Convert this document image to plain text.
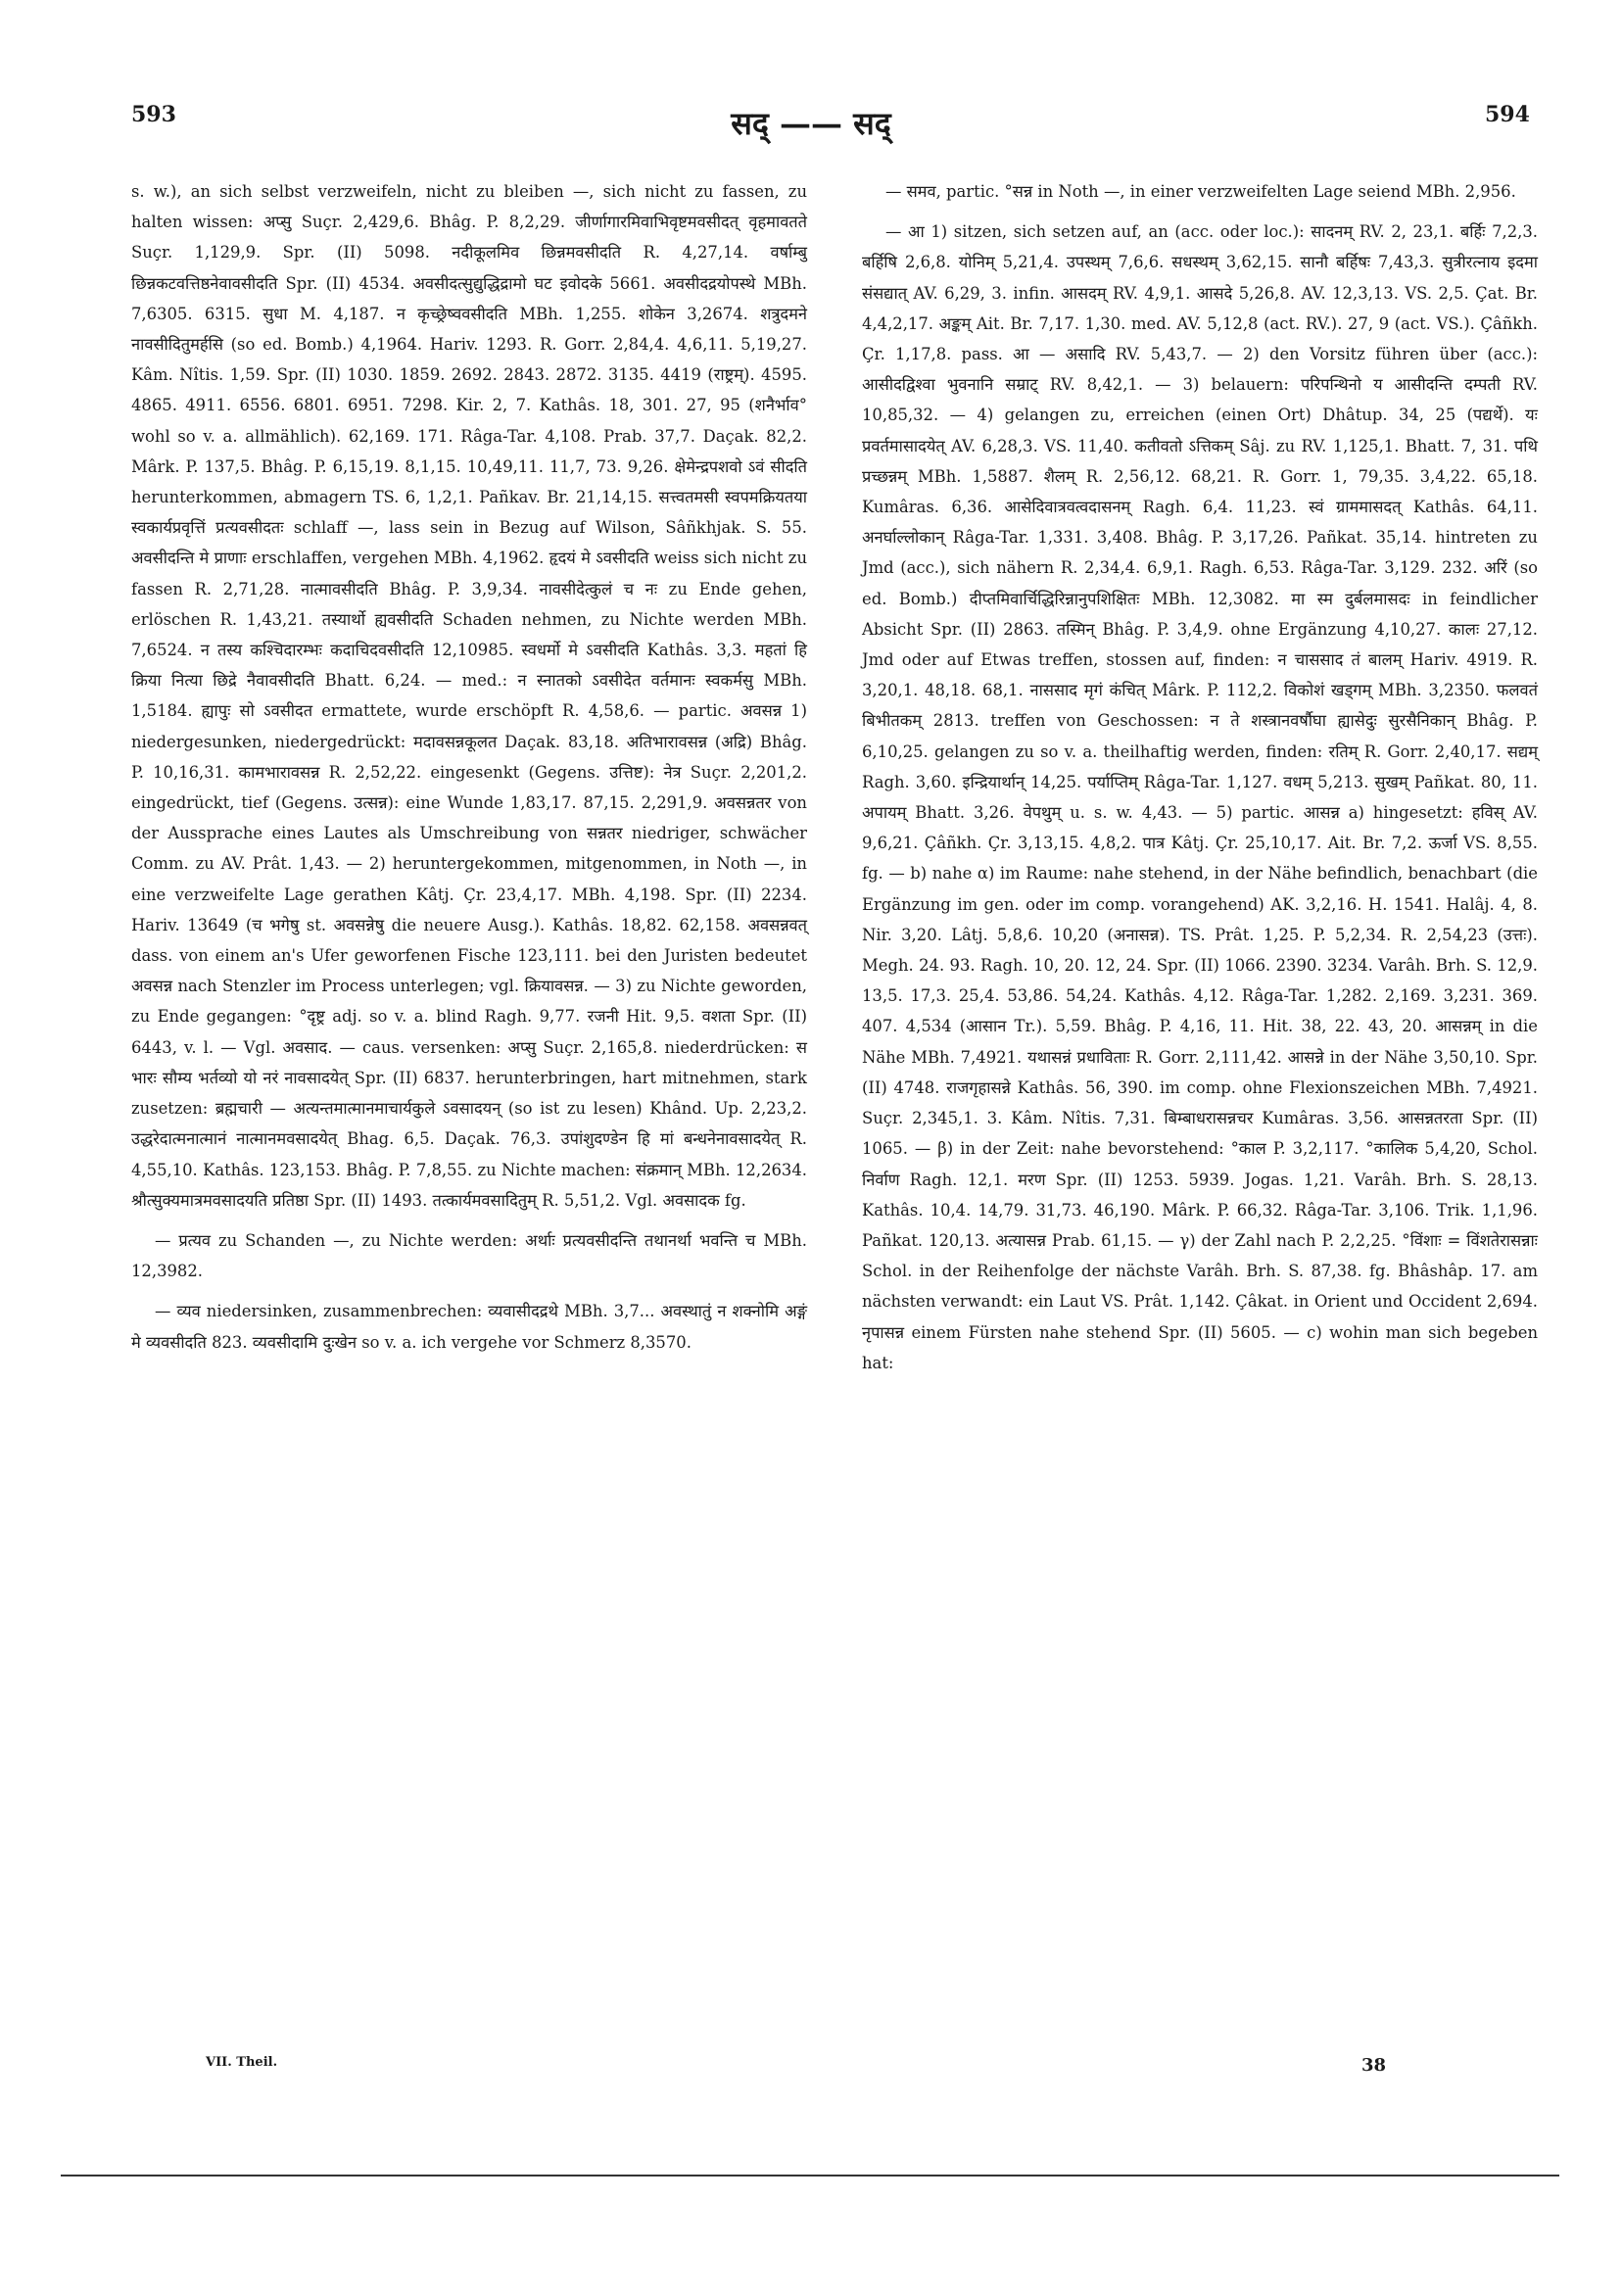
593	सद् —— सद्	594

s. w.), an sich selbst verzweifeln, nicht zu bleiben —, sich nicht zu fassen, zu halten wissen: अप्सु Suçr. 2,429,6. Bhâg. P. 8,2,29. जीर्णागारमिवाभिवृष्टमवसीदत् वृहमावतते Suçr. 1,129,9. Spr. (II) 5098. नदीकूलमिव छिन्नमवसीदति R. 4,27,14. वर्षाम्बु छिन्नकटवत्तिष्ठनेवावसीदति Spr. (II) 4534. अवसीदत्सुद्युद्धिद्रामो घट इवोदके 5661. अवसीदद्रयोपस्थे MBh. 7,6305. 6315. सुधा M. 4,187. न कृच्छ्रेष्ववसीदति MBh. 1,255. शोकेन 3,2674. शत्रुदमने नावसीदितुमर्हसि (so ed. Bomb.) 4,1964. Hariv. 1293. R. Gorr. 2,84,4. 4,6,11. 5,19,27. Kâm. Nîtis. 1,59. Spr. (II) 1030. 1859. 2692. 2843. 2872. 3135. 4419 (राष्ट्रम्). 4595. 4865. 4911. 6556. 6801. 6951. 7298. Kir. 2, 7. Kathâs. 18, 301. 27, 95 (शनैर्भाव° wohl so v. a. allmählich). 62,169. 171. Râga-Tar. 4,108. Prab. 37,7. Daçak. 82,2. Mârk. P. 137,5. Bhâg. P. 6,15,19. 8,1,15. 10,49,11. 11,7, 73. 9,26. क्षेमेन्द्रपशवो ऽवं सीदति herunterkommen, abmagern TS. 6, 1,2,1. Pañkav. Br. 21,14,15. सत्त्वतमसी स्वपमक्रियतया स्वकार्यप्रवृत्तिं प्रत्यवसीदतः schlaff —, lass sein in Bezug auf Wilson, Sâñkhjak. S. 55. अवसीदन्ति मे प्राणाः erschlaffen, vergehen MBh. 4,1962. हृदयं मे ऽवसीदति weiss sich nicht zu fassen R. 2,71,28. नात्मावसीदति Bhâg. P. 3,9,34. नावसीदेत्कुलं च नः zu Ende gehen, erlöschen R. 1,43,21. तस्यार्थो ह्यवसीदति Schaden nehmen, zu Nichte werden MBh. 7,6524. न तस्य कश्चिदारम्भः कदाचिदवसीदति 12,10985. स्वधर्मो मे ऽवसीदति Kathâs. 3,3. महतां हि क्रिया नित्या छिद्रे नैवावसीदति Bhatt. 6,24. — med.: न स्नातको ऽवसीदेत वर्तमानः स्वकर्मसु MBh. 1,5184. ह्यापुः सो ऽवसीदत ermattete, wurde erschöpft R. 4,58,6. — partic. अवसन्न 1) niedergesunken, niedergedrückt: मदावसन्नकूलत Daçak. 83,18. अतिभारावसन्न (अद्रि) Bhâg. P. 10,16,31. कामभारावसन्न R. 2,52,22. eingesenkt (Gegens. उत्तिष्ट): नेत्र Suçr. 2,201,2. eingedrückt, tief (Gegens. उत्सन्न): eine Wunde 1,83,17. 87,15. 2,291,9. अवसन्नतर von der Aussprache eines Lautes als Umschreibung von सन्नतर niedriger, schwächer Comm. zu AV. Prât. 1,43. — 2) heruntergekommen, mitgenommen, in Noth —, in eine verzweifelte Lage gerathen Kâtj. Çr. 23,4,17. MBh. 4,198. Spr. (II) 2234. Hariv. 13649 (च भगेषु st. अवसन्नेषु die neuere Ausg.). Kathâs. 18,82. 62,158. अवसन्नवत् dass. von einem an's Ufer geworfenen Fische 123,111. bei den Juristen bedeutet अवसन्न nach Stenzler im Process unterlegen; vgl. क्रियावसन्न. — 3) zu Nichte geworden, zu Ende gegangen: °दृष्ट्र adj. so v. a. blind Ragh. 9,77. रजनी Hit. 9,5. वशता Spr. (II) 6443, v. l. — Vgl. अवसाद. — caus. versenken: अप्सु Suçr. 2,165,8. niederdrücken: स भारः सौम्य भर्तव्यो यो नरं नावसादयेत् Spr. (II) 6837. herunterbringen, hart mitnehmen, stark zusetzen: ब्रह्मचारी — अत्यन्तमात्मानमाचार्यकुले ऽवसादयन् (so ist zu lesen) Khând. Up. 2,23,2. उद्धरेदात्मनात्मानं नात्मानमवसादयेत् Bhag. 6,5. Daçak. 76,3. उपांशुदण्डेन हि मां बन्धनेनावसादयेत् R. 4,55,10. Kathâs. 123,153. Bhâg. P. 7,8,55. zu Nichte machen: संक्रमान् MBh. 12,2634. श्रौत्सुक्यमात्रमवसादयति प्रतिष्ठा Spr. (II) 1493. तत्कार्यमवसादितुम् R. 5,51,2. Vgl. अवसादक fg.

— प्रत्यव zu Schanden —, zu Nichte werden: अर्थाः प्रत्यवसीदन्ति तथानर्था भवन्ति च MBh. 12,3982.

— व्यव niedersinken, zusammenbrechen: व्यवासीदद्रथे MBh. 3,7... अवस्थातुं न शक्नोमि अङ्गं मे व्यवसीदति 823. व्यवसीदामि दुःखेन so v. a. ich vergehe vor Schmerz 8,3570.

— समव, partic. °सन्न in Noth —, in einer verzweifelten Lage seiend MBh. 2,956.

— आ 1) sitzen, sich setzen auf, an (acc. oder loc.): सादनम् RV. 2, 23,1. बर्हिः 7,2,3. बर्हिषि 2,6,8. योनिम् 5,21,4. उपस्थम् 7,6,6. सधस्थम् 3,62,15. सानौ बर्हिषः 7,43,3. सुत्रीरत्नाय इदमा संसद्यात् AV. 6,29, 3. infin. आसदम् RV. 4,9,1. आसदे 5,26,8. AV. 12,3,13. VS. 2,5. Çat. Br. 4,4,2,17. अङ्कम् Ait. Br. 7,17. 1,30. med. AV. 5,12,8 (act. RV.). 27, 9 (act. VS.). Çâñkh. Çr. 1,17,8. pass. आ — असादि RV. 5,43,7. — 2) den Vorsitz führen über (acc.): आसीदद्विश्वा भुवनानि सम्राट् RV. 8,42,1. — 3) belauern: परिपन्थिनो य आसीदन्ति दम्पती RV. 10,85,32. — 4) gelangen zu, erreichen (einen Ort) Dhâtup. 34, 25 (पद्यर्थे). यः प्रवर्तमासादयेत् AV. 6,28,3. VS. 11,40. कतीवतो ऽत्तिकम् Sâj. zu RV. 1,125,1. Bhatt. 7, 31. पथि प्रच्छन्नम् MBh. 1,5887. शैलम् R. 2,56,12. 68,21. R. Gorr. 1, 79,35. 3,4,22. 65,18. Kumâras. 6,36. आसेदिवात्रवत्वदासनम् Ragh. 6,4. 11,23. स्वं ग्राममासदत् Kathâs. 64,11. अनर्घाल्लोकान् Râga-Tar. 1,331. 3,408. Bhâg. P. 3,17,26. Pañkat. 35,14. hintreten zu Jmd (acc.), sich nähern R. 2,34,4. 6,9,1. Ragh. 6,53. Râga-Tar. 3,129. 232. अरिं (so ed. Bomb.) दीप्तमिवार्चिद्धिरिन्नानुपशिक्षितः MBh. 12,3082. मा स्म दुर्बलमासदः in feindlicher Absicht Spr. (II) 2863. तस्मिन् Bhâg. P. 3,4,9. ohne Ergänzung 4,10,27. कालः 27,12. Jmd oder auf Etwas treffen, stossen auf, finden: न चाससाद तं बालम् Hariv. 4919. R. 3,20,1. 48,18. 68,1. नाससाद मृगं कंचित् Mârk. P. 112,2. विकोशं खड्गम् MBh. 3,2350. फलवतं बिभीतकम् 2813. treffen von Geschossen: न ते शस्त्रानवर्षौघा ह्यासेदुः सुरसैनिकान् Bhâg. P. 6,10,25. gelangen zu so v. a. theilhaftig werden, finden: रतिम् R. Gorr. 2,40,17. सद्यम् Ragh. 3,60. इन्द्रियार्थान् 14,25. पर्याप्तिम् Râga-Tar. 1,127. वधम् 5,213. सुखम् Pañkat. 80, 11. अपायम् Bhatt. 3,26. वेपथुम् u. s. w. 4,43. — 5) partic. आसन्न a) hingesetzt: हविस् AV. 9,6,21. Çâñkh. Çr. 3,13,15. 4,8,2. पात्र Kâtj. Çr. 25,10,17. Ait. Br. 7,2. ऊर्जा VS. 8,55. fg. — b) nahe α) im Raume: nahe stehend, in der Nähe befindlich, benachbart (die Ergänzung im gen. oder im comp. vorangehend) AK. 3,2,16. H. 1541. Halâj. 4, 8. Nir. 3,20. Lâtj. 5,8,6. 10,20 (अनासन्न). TS. Prât. 1,25. P. 5,2,34. R. 2,54,23 (उत्तः). Megh. 24. 93. Ragh. 10, 20. 12, 24. Spr. (II) 1066. 2390. 3234. Varâh. Brh. S. 12,9. 13,5. 17,3. 25,4. 53,86. 54,24. Kathâs. 4,12. Râga-Tar. 1,282. 2,169. 3,231. 369. 407. 4,534 (आसान Tr.). 5,59. Bhâg. P. 4,16, 11. Hit. 38, 22. 43, 20. आसन्नम् in die Nähe MBh. 7,4921. यथासन्नं प्रधाविताः R. Gorr. 2,111,42. आसन्ने in der Nähe 3,50,10. Spr. (II) 4748. राजगृहासन्ने Kathâs. 56, 390. im comp. ohne Flexionszeichen MBh. 7,4921. Suçr. 2,345,1. 3. Kâm. Nîtis. 7,31. बिम्बाधरासन्नचर Kumâras. 3,56. आसन्नतरता Spr. (II) 1065. — β) in der Zeit: nahe bevorstehend: °काल P. 3,2,117. °कालिक 5,4,20, Schol. निर्वाण Ragh. 12,1. मरण Spr. (II) 1253. 5939. Jogas. 1,21. Varâh. Brh. S. 28,13. Kathâs. 10,4. 14,79. 31,73. 46,190. Mârk. P. 66,32. Râga-Tar. 3,106. Trik. 1,1,96. Pañkat. 120,13. अत्यासन्न Prab. 61,15. — γ) der Zahl nach P. 2,2,25. °विंशाः = विंशतेरासन्नाः Schol. in der Reihenfolge der nächste Varâh. Brh. S. 87,38. fg. Bhâshâp. 17. am nächsten verwandt: ein Laut VS. Prât. 1,142. Çâkat. in Orient und Occident 2,694. नृपासन्न einem Fürsten nahe stehend Spr. (II) 5605. — c) wohin man sich begeben hat:

VII. Theil.	38
